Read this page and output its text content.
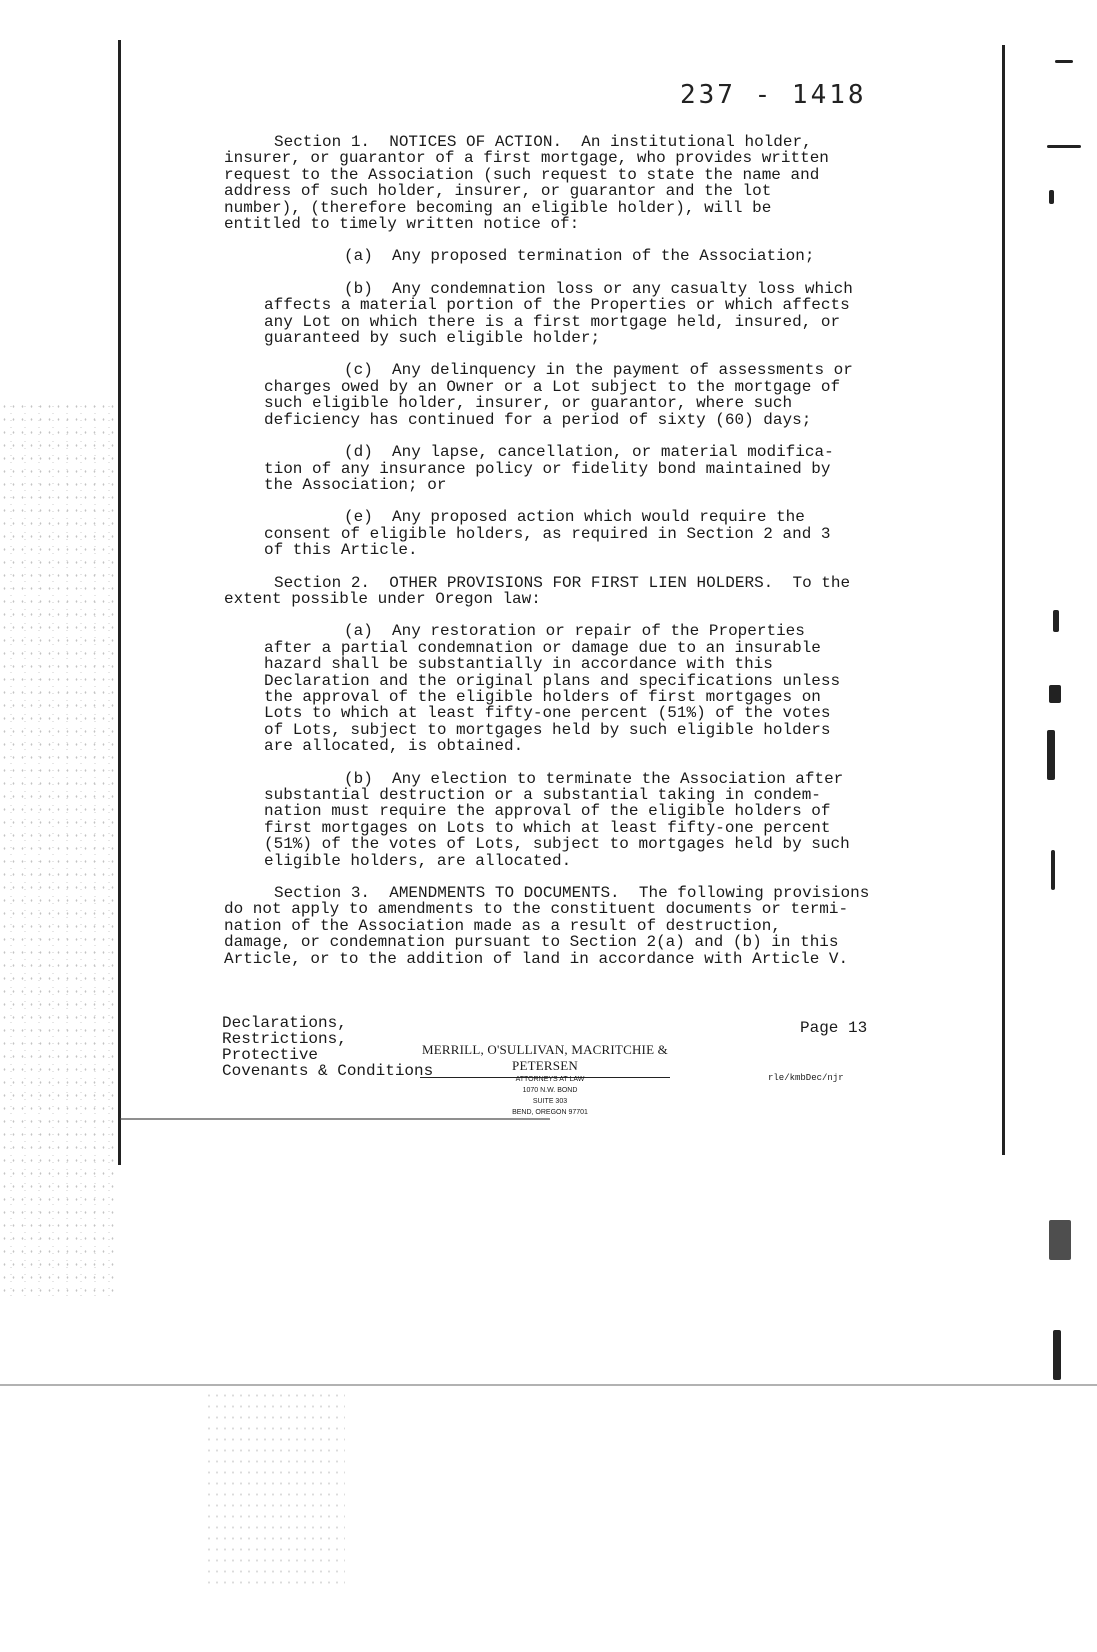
237 - 1418

Section 1.  NOTICES OF ACTION.  An institutional holder,
insurer, or guarantor of a first mortgage, who provides written
request to the Association (such request to state the name and
address of such holder, insurer, or guarantor and the lot
number), (therefore becoming an eligible holder), will be
entitled to timely written notice of:

(a)  Any proposed termination of the Association;

(b)  Any condemnation loss or any casualty loss which
affects a material portion of the Properties or which affects
any Lot on which there is a first mortgage held, insured, or
guaranteed by such eligible holder;

(c)  Any delinquency in the payment of assessments or
charges owed by an Owner or a Lot subject to the mortgage of
such eligible holder, insurer, or guarantor, where such
deficiency has continued for a period of sixty (60) days;

(d)  Any lapse, cancellation, or material modifica-
tion of any insurance policy or fidelity bond maintained by
the Association; or

(e)  Any proposed action which would require the
consent of eligible holders, as required in Section 2 and 3
of this Article.

Section 2.  OTHER PROVISIONS FOR FIRST LIEN HOLDERS.  To the
extent possible under Oregon law:

(a)  Any restoration or repair of the Properties
after a partial condemnation or damage due to an insurable
hazard shall be substantially in accordance with this
Declaration and the original plans and specifications unless
the approval of the eligible holders of first mortgages on
Lots to which at least fifty-one percent (51%) of the votes
of Lots, subject to mortgages held by such eligible holders
are allocated, is obtained.

(b)  Any election to terminate the Association after
substantial destruction or a substantial taking in condem-
nation must require the approval of the eligible holders of
first mortgages on Lots to which at least fifty-one percent
(51%) of the votes of Lots, subject to mortgages held by such
eligible holders, are allocated.

Section 3.  AMENDMENTS TO DOCUMENTS.  The following provisions
do not apply to amendments to the constituent documents or termi-
nation of the Association made as a result of destruction,
damage, or condemnation pursuant to Section 2(a) and (b) in this
Article, or to the addition of land in accordance with Article V.

Declarations,
Restrictions,
Protective
Covenants & Conditions
MERRILL, O'SULLIVAN, MACRITCHIE & PETERSEN
ATTORNEYS AT LAW
1070 N.W. BOND
SUITE 303
BEND, OREGON 97701
Page 13
rle/kmbDec/njr
